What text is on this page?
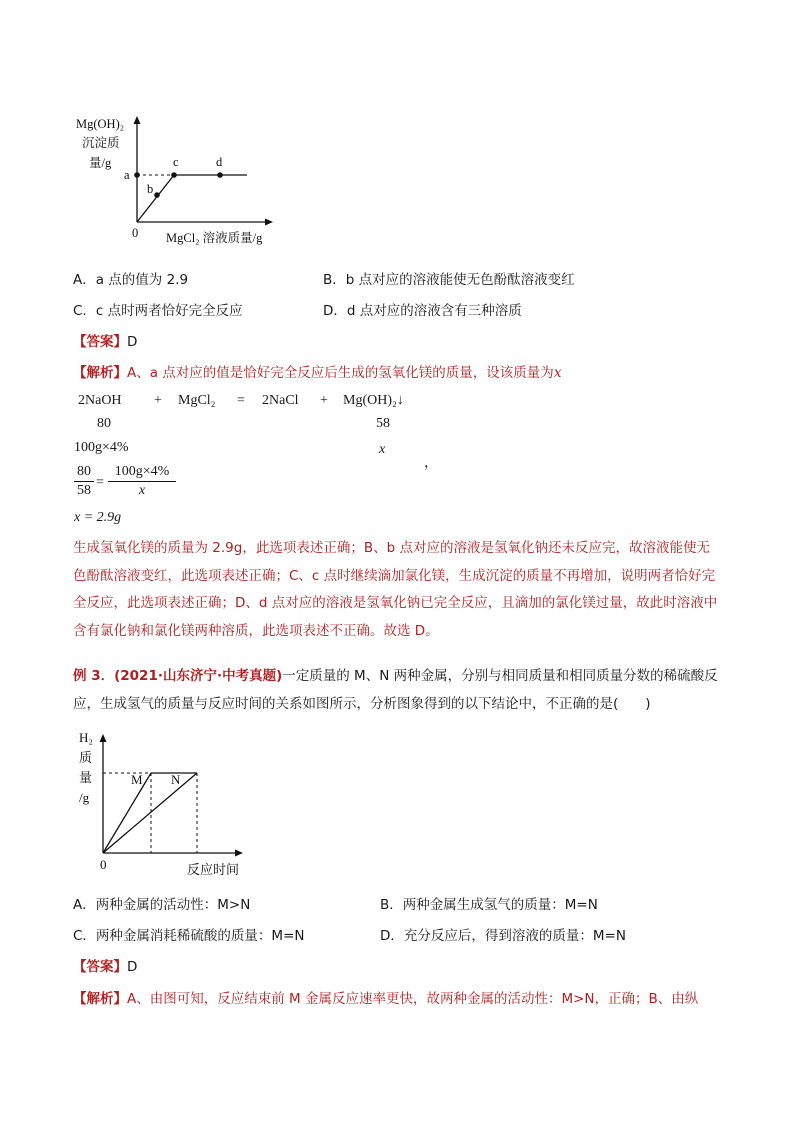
Mg(OH)₂
沉淀质
量/g
a
b
c	d
0 MgCl₂ 溶液质量/g
A．a 点的值为 2.9	B．b 点对应的溶液能使无色酚酞溶液变红
C．c 点时两者恰好完全反应	D．d 点对应的溶液含有三种溶质
【答案】D
【解析】A、a 点对应的值是恰好完全反应后生成的氢氧化镁的质量，设该质量为x
2NaOH + MgCl₂ = 2NaCl + Mg(OH)₂↓
80	58
100g×4%	x
，
80
58
=
100g×4%
x
x = 2.9g
生成氢氧化镁的质量为 2.9g，此选项表述正确；B、b 点对应的溶液是氢氧化钠还未反应完，故溶液能使无色酚酞溶液变红，此选项表述正确；C、c 点时继续滴加氯化镁，生成沉淀的质量不再增加，说明两者恰好完全反应，此选项表述正确；D、d 点对应的溶液是氢氧化钠已完全反应，且滴加的氯化镁过量，故此时溶液中含有氯化钠和氯化镁两种溶质，此选项表述不正确。故选 D。
例 3．(2021·山东济宁·中考真题)一定质量的 M、N 两种金属，分别与相同质量和相同质量分数的稀硫酸反
应，生成氢气的质量与反应时间的关系如图所示，分析图象得到的以下结论中，不正确的是(　　)
H₂
质
量
/g
M N
0	反应时间
A．两种金属的活动性：M>N	B．两种金属生成氢气的质量：M=N
C．两种金属消耗稀硫酸的质量：M=N	D．充分反应后，得到溶液的质量：M=N
【答案】D
【解析】A、由图可知，反应结束前 M 金属反应速率更快，故两种金属的活动性：M>N，正确；B、由纵
